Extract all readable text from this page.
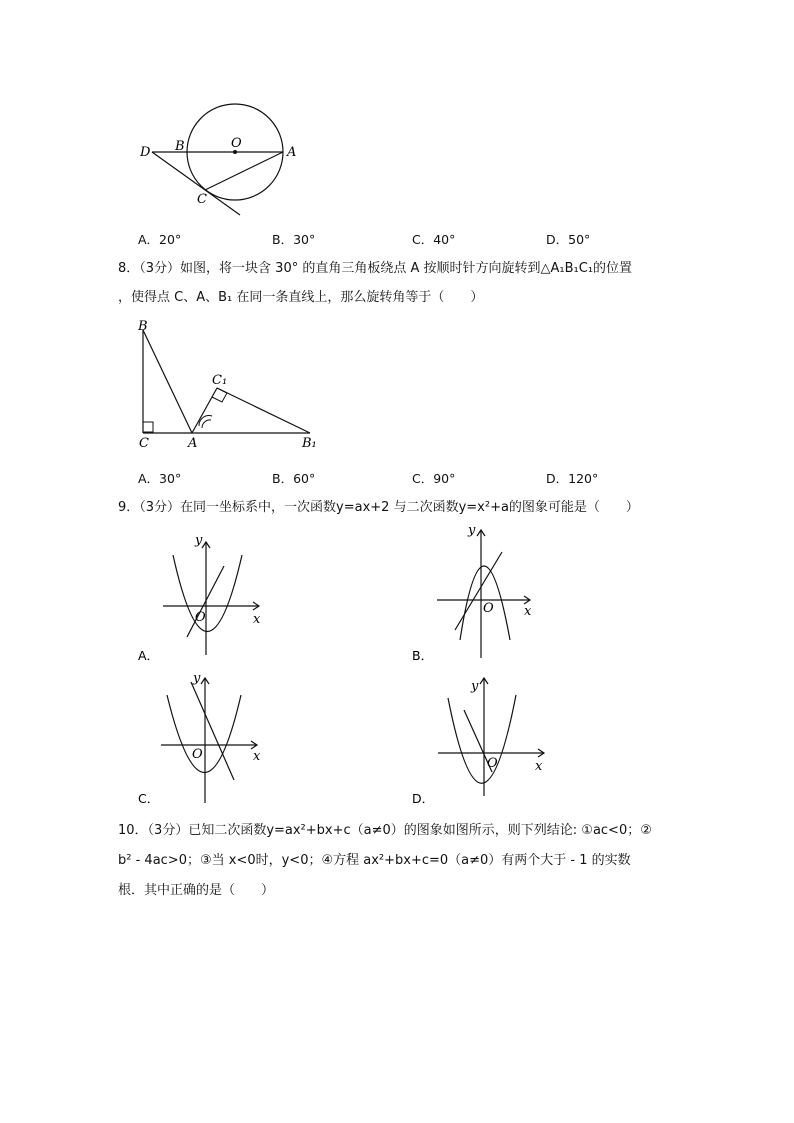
D B	O
A
C
A．20°	B．30°	C．40°	D．50°
8．（3分）如图，将一块含 30° 的直角三角板绕点 A 按顺时针方向旋转到△A₁B₁C₁的位置
，使得点 C、A、B₁ 在同一条直线上，那么旋转角等于（　　）
B
C₁
C	A	B₁
A．30°	B．60°	C．90°	D．120°
9．（3分）在同一坐标系中，一次函数y=ax+2 与二次函数y=x²+a的图象可能是（　　）
y
x
O
A．
y
x
O
B．
y
x
O
C．
y
x
O
D．
10．（3分）已知二次函数y=ax²+bx+c（a≠0）的图象如图所示，则下列结论: ①ac<0；②
b² - 4ac>0；③当 x<0时，y<0；④方程 ax²+bx+c=0（a≠0）有两个大于 - 1 的实数
根．其中正确的是（　　）
